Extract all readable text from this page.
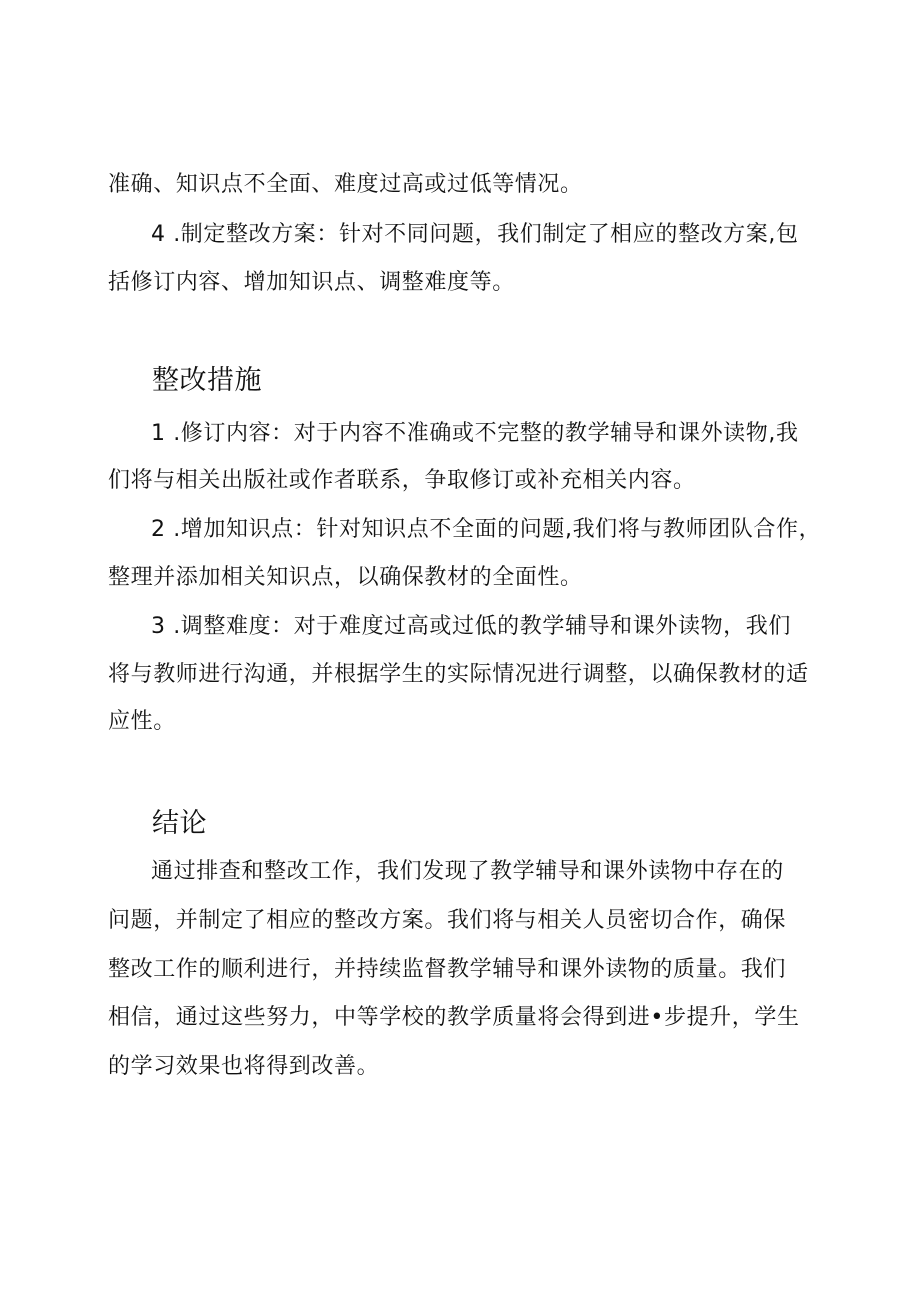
准确、知识点不全面、难度过高或过低等情况。
4 .制定整改方案：针对不同问题，我们制定了相应的整改方案,包
括修订内容、增加知识点、调整难度等。
整改措施
1 .修订内容：对于内容不准确或不完整的教学辅导和课外读物,我
们将与相关出版社或作者联系，争取修订或补充相关内容。
2 .增加知识点：针对知识点不全面的问题,我们将与教师团队合作，
整理并添加相关知识点，以确保教材的全面性。
3 .调整难度：对于难度过高或过低的教学辅导和课外读物，我们
将与教师进行沟通，并根据学生的实际情况进行调整，以确保教材的适
应性。
结论
通过排查和整改工作，我们发现了教学辅导和课外读物中存在的
问题，并制定了相应的整改方案。我们将与相关人员密切合作，确保
整改工作的顺利进行，并持续监督教学辅导和课外读物的质量。我们
相信，通过这些努力，中等学校的教学质量将会得到进•步提升，学生
的学习效果也将得到改善。
